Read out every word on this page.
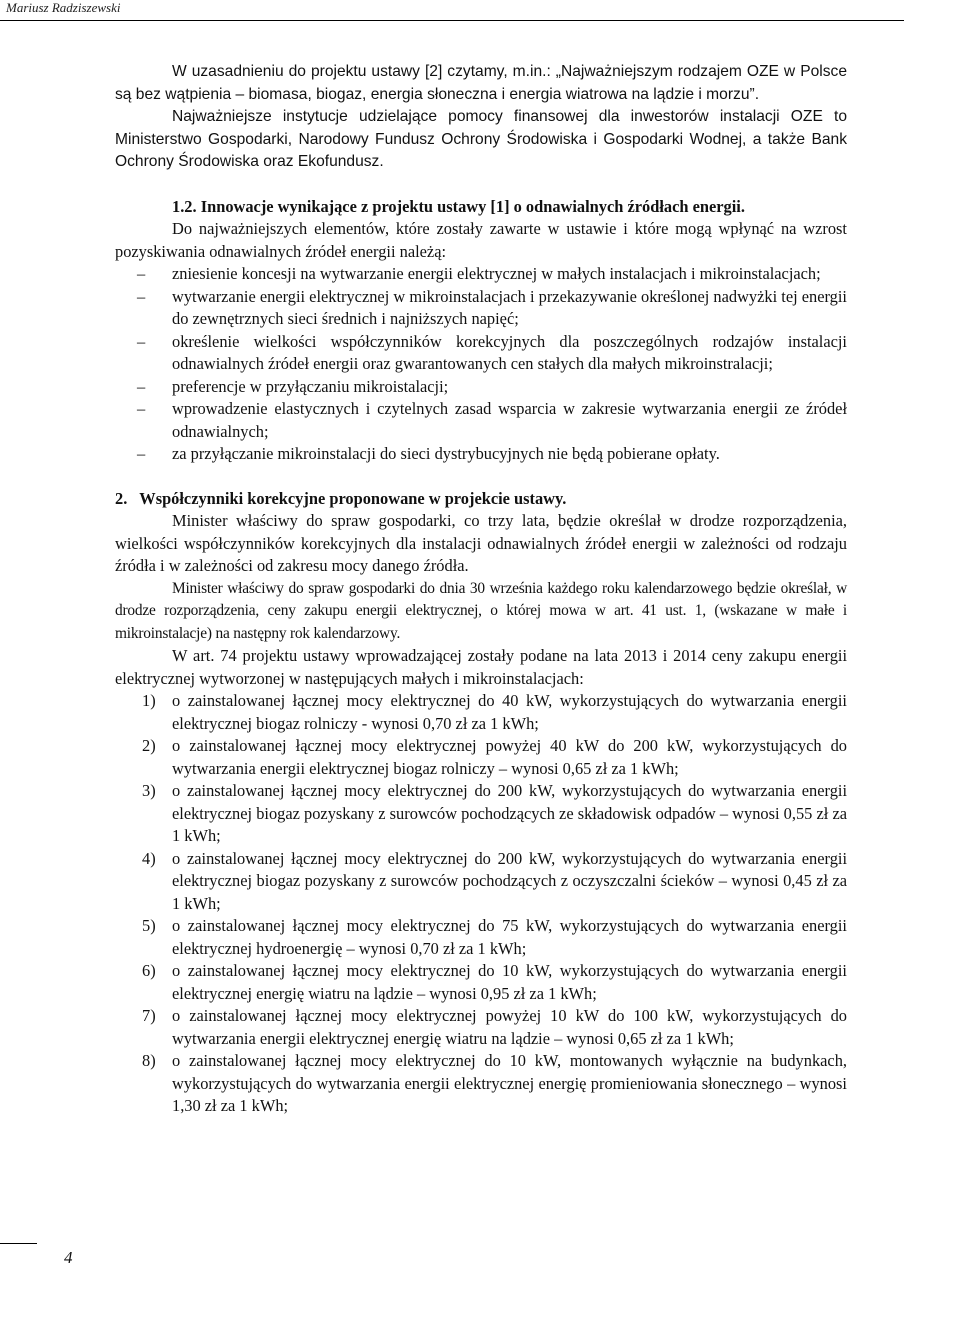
Mariusz Radziszewski

W uzasadnieniu do projektu ustawy [2] czytamy, m.in.: „Najważniejszym rodzajem OZE w Polsce są bez wątpienia – biomasa, biogaz, energia słoneczna i energia wiatrowa na lądzie i morzu”.

Najważniejsze instytucje udzielające pomocy finansowej dla inwestorów instalacji OZE to Ministerstwo Gospodarki, Narodowy Fundusz Ochrony Środowiska i Gospodarki Wodnej, a także Bank Ochrony Środowiska oraz Ekofundusz.

1.2. Innowacje wynikające z projektu ustawy [1] o odnawialnych źródłach energii.

Do najważniejszych elementów, które zostały zawarte w ustawie i które mogą wpłynąć na wzrost pozyskiwania odnawialnych źródeł energii należą:

– zniesienie koncesji na wytwarzanie energii elektrycznej w małych instalacjach i mikroinstalacjach;
– wytwarzanie energii elektrycznej w mikroinstalacjach i przekazywanie określonej nadwyżki tej energii do zewnętrznych sieci średnich i najniższych napięć;
– określenie wielkości współczynników korekcyjnych dla poszczególnych rodzajów instalacji odnawialnych źródeł energii oraz gwarantowanych cen stałych dla małych mikroinstralacji;
– preferencje w przyłączaniu mikroistalacji;
– wprowadzenie elastycznych i czytelnych zasad wsparcia w zakresie wytwarzania energii ze źródeł odnawialnych;
– za przyłączanie mikroinstalacji do sieci dystrybucyjnych nie będą pobierane opłaty.

2. Współczynniki korekcyjne proponowane w projekcie ustawy.

Minister właściwy do spraw gospodarki, co trzy lata, będzie określał w drodze rozporządzenia, wielkości współczynników korekcyjnych dla instalacji odnawialnych źródeł energii w zależności od rodzaju źródła i w zależności od zakresu mocy danego źródła.

Minister właściwy do spraw gospodarki do dnia 30 września każdego roku kalendarzowego będzie określał, w drodze rozporządzenia, ceny zakupu energii elektrycznej, o której mowa w art. 41 ust. 1, (wskazane w małe i mikroinstalacje) na następny rok kalendarzowy.

W art. 74 projektu ustawy wprowadzającej zostały podane na lata 2013 i 2014 ceny zakupu energii elektrycznej wytworzonej w następujących małych i mikroinstalacjach:

1) o zainstalowanej łącznej mocy elektrycznej do 40 kW, wykorzystujących do wytwarzania energii elektrycznej biogaz rolniczy - wynosi 0,70 zł za 1 kWh;
2) o zainstalowanej łącznej mocy elektrycznej powyżej 40 kW do 200 kW, wykorzystujących do wytwarzania energii elektrycznej biogaz rolniczy – wynosi 0,65 zł za 1 kWh;
3) o zainstalowanej łącznej mocy elektrycznej do 200 kW, wykorzystujących do wytwarzania energii elektrycznej biogaz pozyskany z surowców pochodzących ze składowisk odpadów – wynosi 0,55 zł za 1 kWh;
4) o zainstalowanej łącznej mocy elektrycznej do 200 kW, wykorzystujących do wytwarzania energii elektrycznej biogaz pozyskany z surowców pochodzących z oczyszczalni ścieków – wynosi 0,45 zł za 1 kWh;
5) o zainstalowanej łącznej mocy elektrycznej do 75 kW, wykorzystujących do wytwarzania energii elektrycznej hydroenergię – wynosi 0,70 zł za 1 kWh;
6) o zainstalowanej łącznej mocy elektrycznej do 10 kW, wykorzystujących do wytwarzania energii elektrycznej energię wiatru na lądzie – wynosi 0,95 zł za 1 kWh;
7) o zainstalowanej łącznej mocy elektrycznej powyżej 10 kW do 100 kW, wykorzystujących do wytwarzania energii elektrycznej energię wiatru na lądzie – wynosi 0,65 zł za 1 kWh;
8) o zainstalowanej łącznej mocy elektrycznej do 10 kW, montowanych wyłącznie na budynkach, wykorzystujących do wytwarzania energii elektrycznej energię promieniowania słonecznego – wynosi 1,30 zł za 1 kWh;
4
